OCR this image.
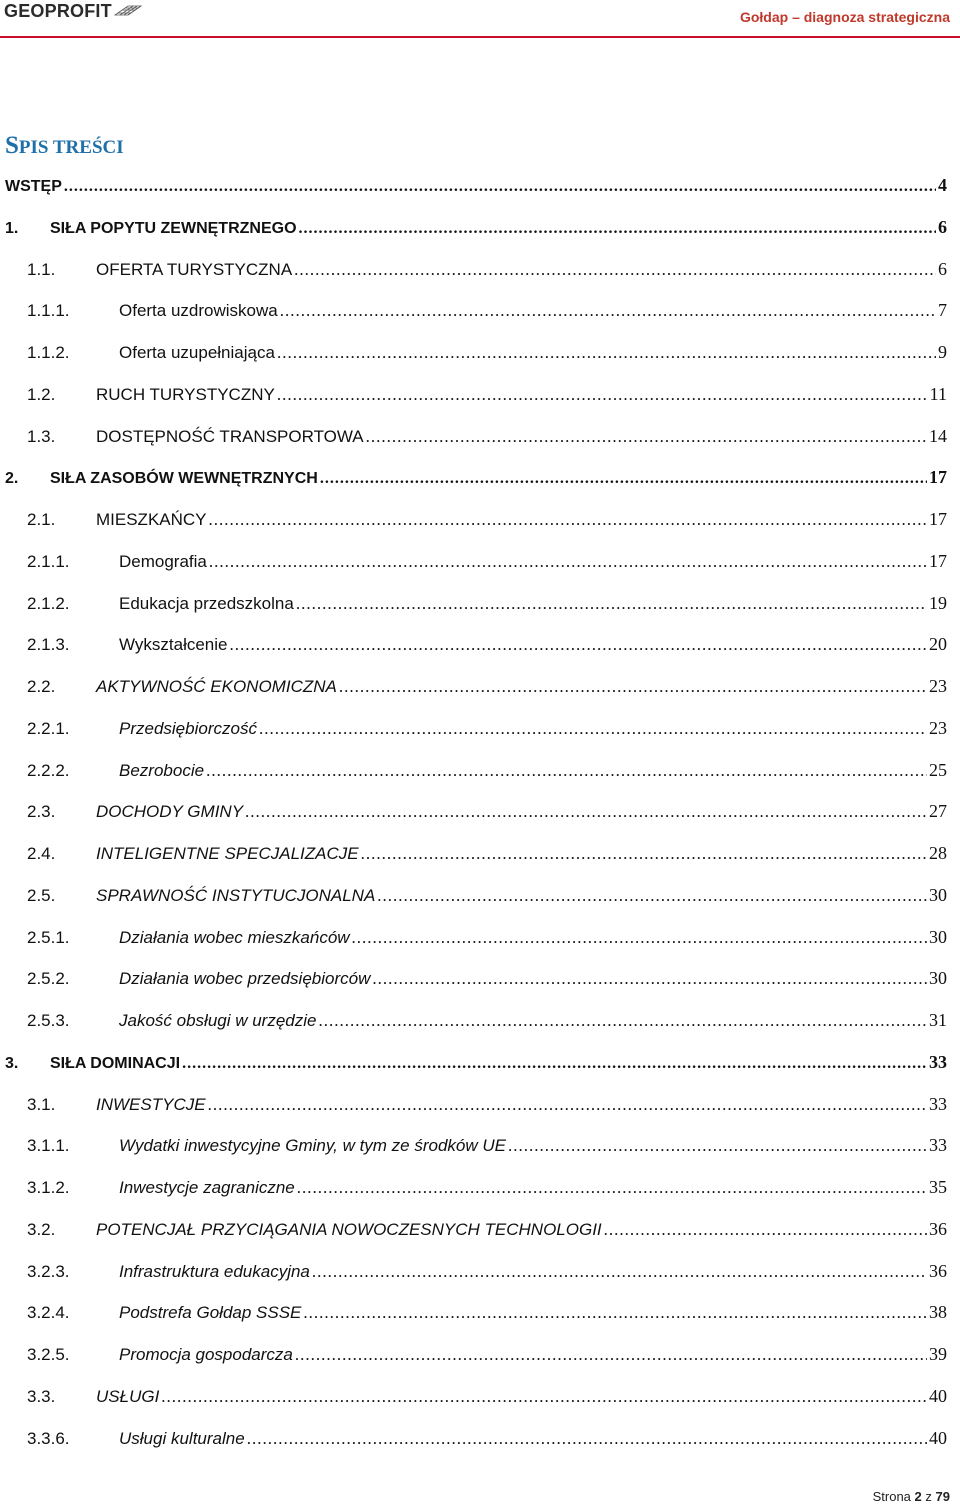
GEOPROFIT	Gołdap – diagnoza strategiczna
SPIS TREŚCI
WSTĘP .....	4
1.	SIŁA POPYTU ZEWNĘTRZNEGO .....	6
1.1.	OFERTA TURYSTYCZNA .....	6
1.1.1.	Oferta uzdrowiskowa .....	7
1.1.2.	Oferta uzupełniająca .....	9
1.2.	RUCH TURYSTYCZNY .....	11
1.3.	DOSTĘPNOŚĆ TRANSPORTOWA .....	14
2.	SIŁA ZASOBÓW WEWNĘTRZNYCH .....	17
2.1.	MIESZKAŃCY .....	17
2.1.1.	Demografia .....	17
2.1.2.	Edukacja przedszkolna .....	19
2.1.3.	Wykształcenie .....	20
2.2.	AKTYWNOŚĆ EKONOMICZNA .....	23
2.2.1.	Przedsiębiorczość .....	23
2.2.2.	Bezrobocie .....	25
2.3.	DOCHODY GMINY .....	27
2.4.	INTELIGENTNE SPECJALIZACJE .....	28
2.5.	SPRAWNOŚĆ INSTYTUCJONALNA .....	30
2.5.1.	Działania wobec mieszkańców .....	30
2.5.2.	Działania wobec przedsiębiorców .....	30
2.5.3.	Jakość obsługi w urzędzie .....	31
3.	SIŁA DOMINACJI .....	33
3.1.	INWESTYCJE .....	33
3.1.1.	Wydatki inwestycyjne Gminy, w tym ze środków UE .....	33
3.1.2.	Inwestycje zagraniczne .....	35
3.2.	POTENCJAŁ PRZYCIĄGANIA NOWOCZESNYCH TECHNOLOGII .....	36
3.2.3.	Infrastruktura edukacyjna .....	36
3.2.4.	Podstrefa Gołdap SSSE .....	38
3.2.5.	Promocja gospodarcza .....	39
3.3.	USŁUGI .....	40
3.3.6.	Usługi kulturalne .....	40
Strona 2 z 79
